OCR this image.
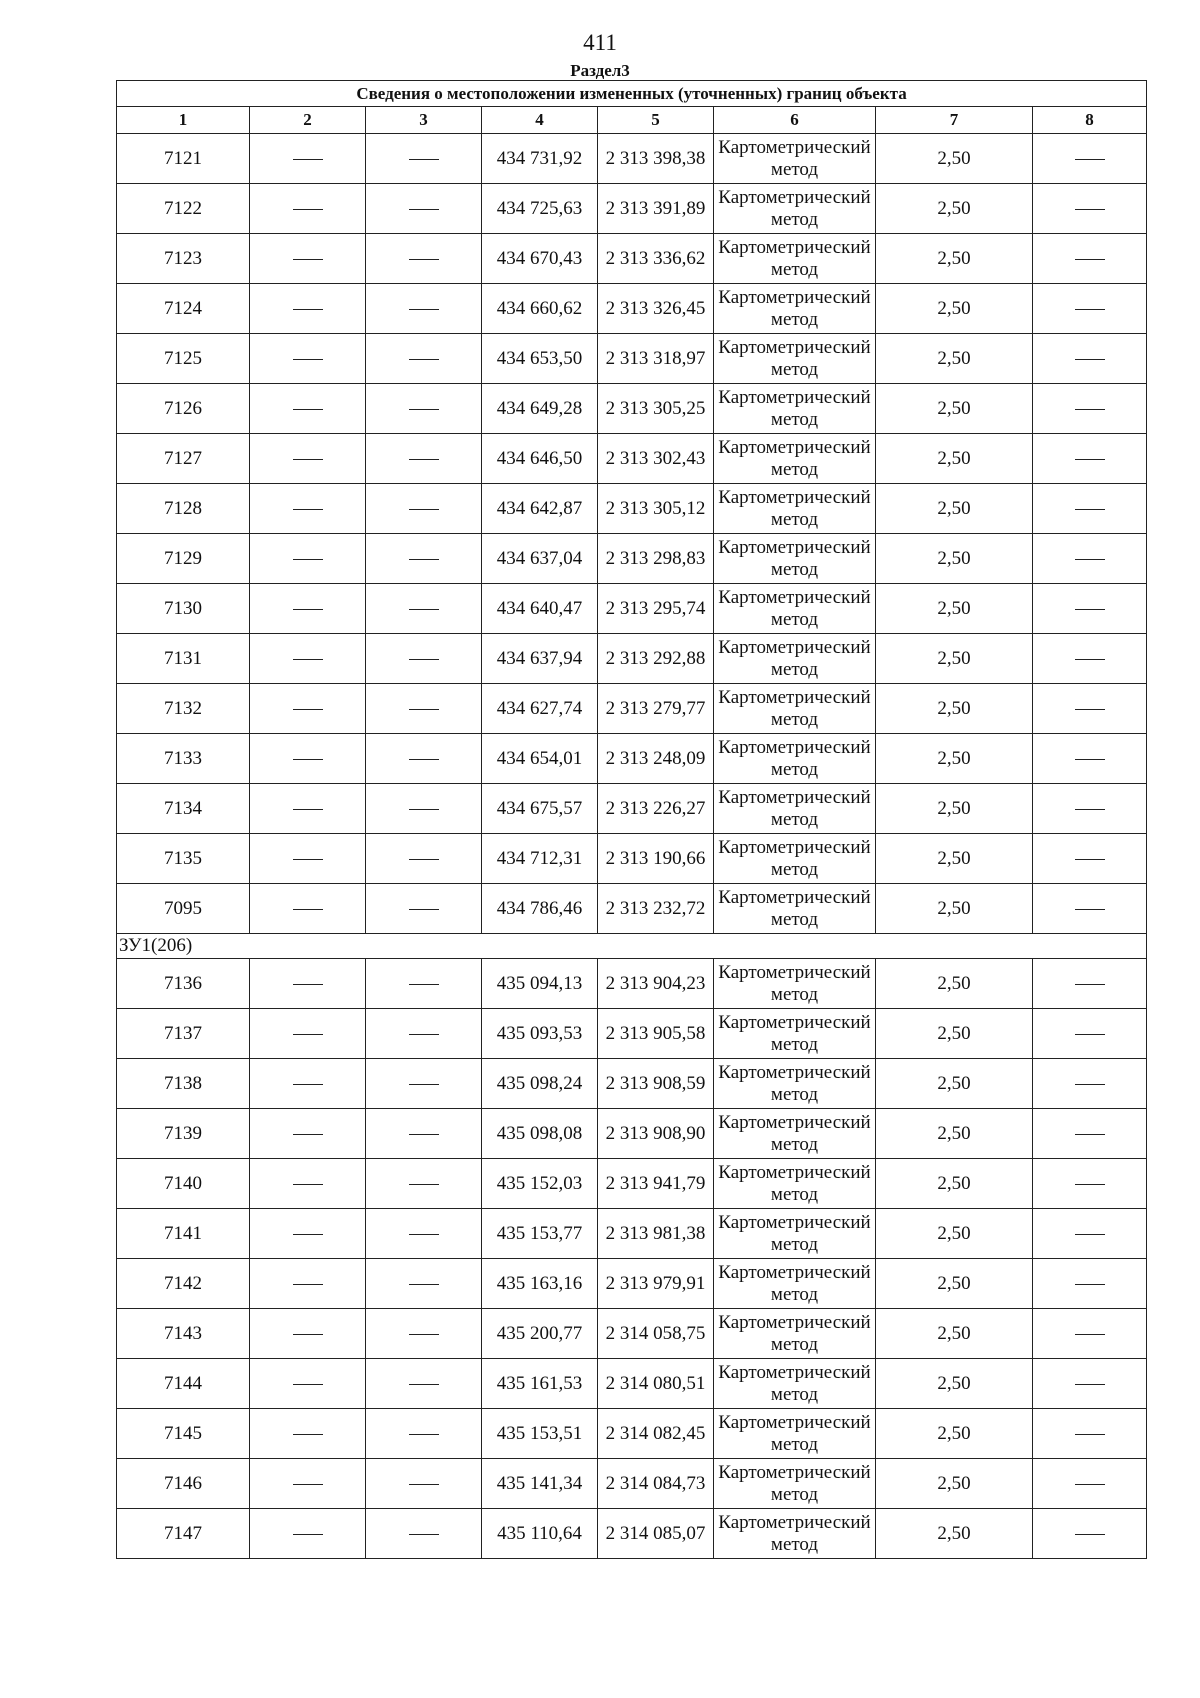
411
Раздел3
Сведения о местоположении измененных (уточненных) границ объекта							
1	2	3	4	5	6	7	8
7121			434 731,92	2 313 398,38	Картометрический метод	2,50	
7122			434 725,63	2 313 391,89	Картометрический метод	2,50	
7123			434 670,43	2 313 336,62	Картометрический метод	2,50	
7124			434 660,62	2 313 326,45	Картометрический метод	2,50	
7125			434 653,50	2 313 318,97	Картометрический метод	2,50	
7126			434 649,28	2 313 305,25	Картометрический метод	2,50	
7127			434 646,50	2 313 302,43	Картометрический метод	2,50	
7128			434 642,87	2 313 305,12	Картометрический метод	2,50	
7129			434 637,04	2 313 298,83	Картометрический метод	2,50	
7130			434 640,47	2 313 295,74	Картометрический метод	2,50	
7131			434 637,94	2 313 292,88	Картометрический метод	2,50	
7132			434 627,74	2 313 279,77	Картометрический метод	2,50	
7133			434 654,01	2 313 248,09	Картометрический метод	2,50	
7134			434 675,57	2 313 226,27	Картометрический метод	2,50	
7135			434 712,31	2 313 190,66	Картометрический метод	2,50	
7095			434 786,46	2 313 232,72	Картометрический метод	2,50	
ЗУ1(206)							
7136			435 094,13	2 313 904,23	Картометрический метод	2,50	
7137			435 093,53	2 313 905,58	Картометрический метод	2,50	
7138			435 098,24	2 313 908,59	Картометрический метод	2,50	
7139			435 098,08	2 313 908,90	Картометрический метод	2,50	
7140			435 152,03	2 313 941,79	Картометрический метод	2,50	
7141			435 153,77	2 313 981,38	Картометрический метод	2,50	
7142			435 163,16	2 313 979,91	Картометрический метод	2,50	
7143			435 200,77	2 314 058,75	Картометрический метод	2,50	
7144			435 161,53	2 314 080,51	Картометрический метод	2,50	
7145			435 153,51	2 314 082,45	Картометрический метод	2,50	
7146			435 141,34	2 314 084,73	Картометрический метод	2,50	
7147			435 110,64	2 314 085,07	Картометрический метод	2,50	
